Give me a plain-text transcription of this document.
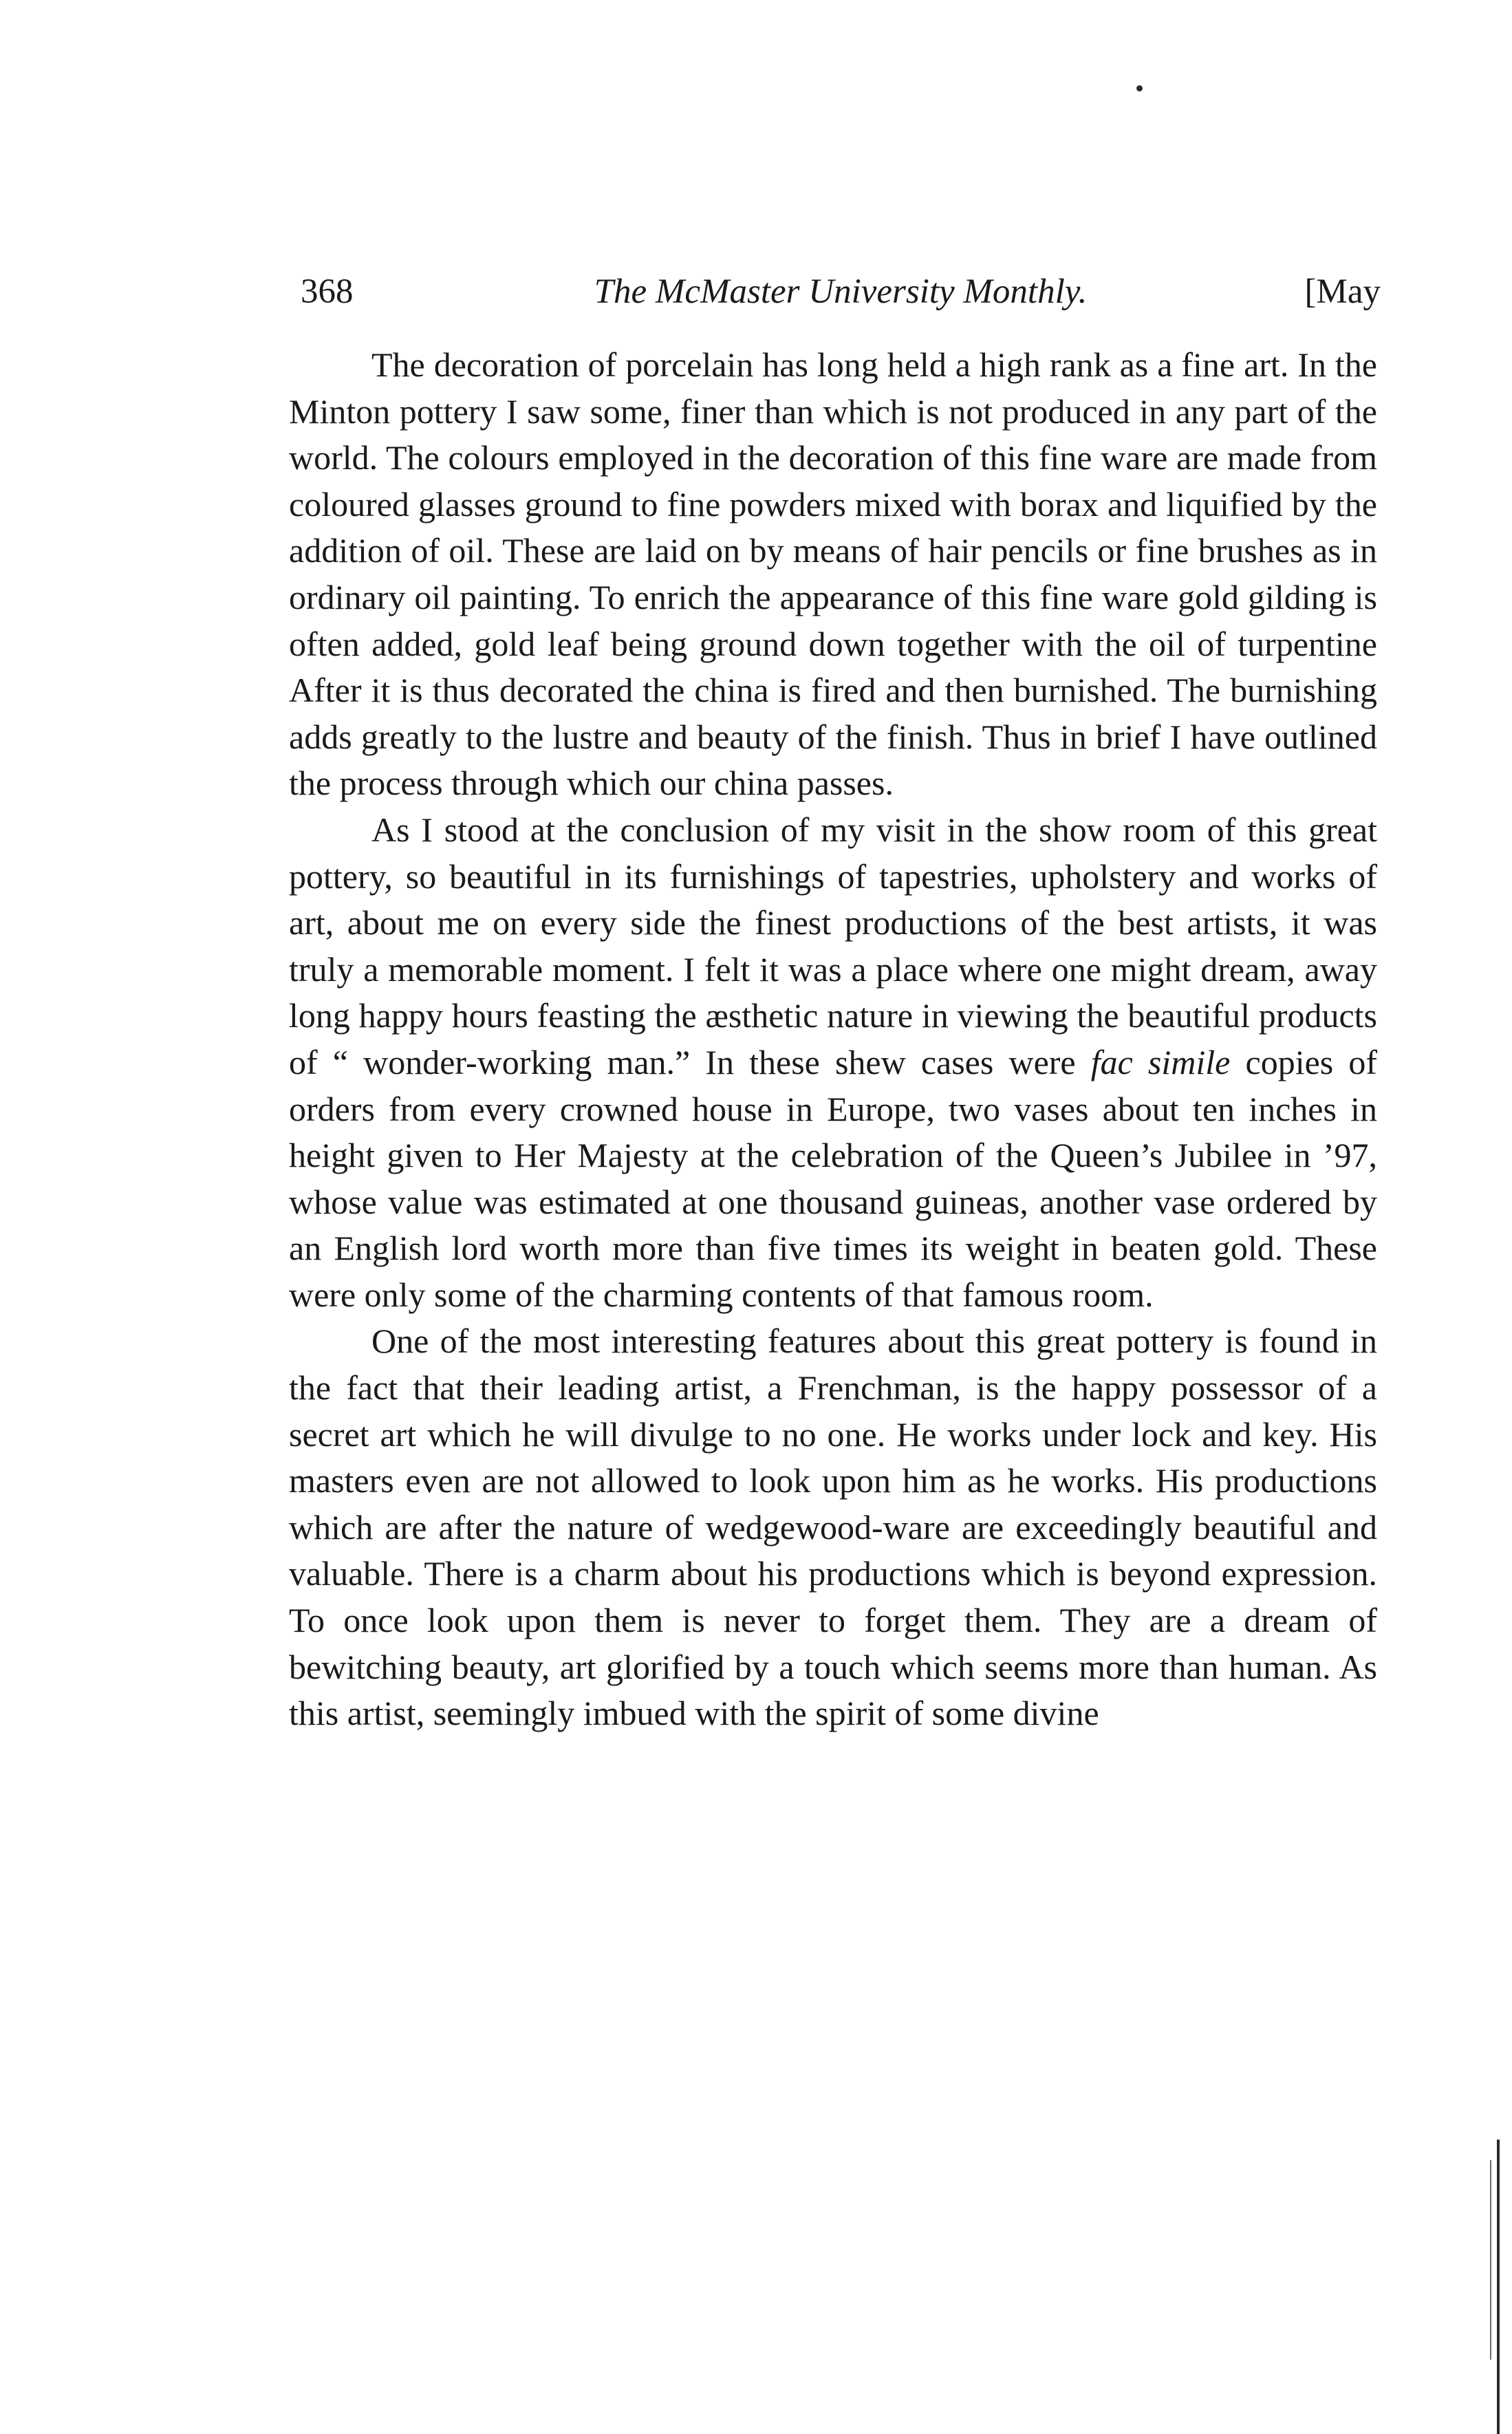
368	The McMaster University Monthly.	[May

The decoration of porcelain has long held a high rank as a fine art. In the Minton pottery I saw some, finer than which is not produced in any part of the world. The colours employed in the decoration of this fine ware are made from coloured glasses ground to fine powders mixed with borax and liquified by the addition of oil. These are laid on by means of hair pencils or fine brushes as in ordinary oil painting. To enrich the appearance of this fine ware gold gilding is often added, gold leaf being ground down together with the oil of turpentine After it is thus decorated the china is fired and then burnished. The burnishing adds greatly to the lustre and beauty of the finish. Thus in brief I have outlined the process through which our china passes.

As I stood at the conclusion of my visit in the show room of this great pottery, so beautiful in its furnishings of tapestries, upholstery and works of art, about me on every side the finest productions of the best artists, it was truly a memorable moment. I felt it was a place where one might dream, away long happy hours feasting the æsthetic nature in viewing the beautiful products of “ wonder-working man.” In these shew cases were fac simile copies of orders from every crowned house in Europe, two vases about ten inches in height given to Her Majesty at the celebration of the Queen’s Jubilee in ’97, whose value was estimated at one thousand guineas, another vase ordered by an English lord worth more than five times its weight in beaten gold. These were only some of the charming contents of that famous room.

One of the most interesting features about this great pottery is found in the fact that their leading artist, a Frenchman, is the happy possessor of a secret art which he will divulge to no one. He works under lock and key. His masters even are not allowed to look upon him as he works. His productions which are after the nature of wedgewood-ware are exceedingly beautiful and valuable. There is a charm about his productions which is beyond expression. To once look upon them is never to forget them. They are a dream of bewitching beauty, art glorified by a touch which seems more than human. As this artist, seemingly imbued with the spirit of some divine
